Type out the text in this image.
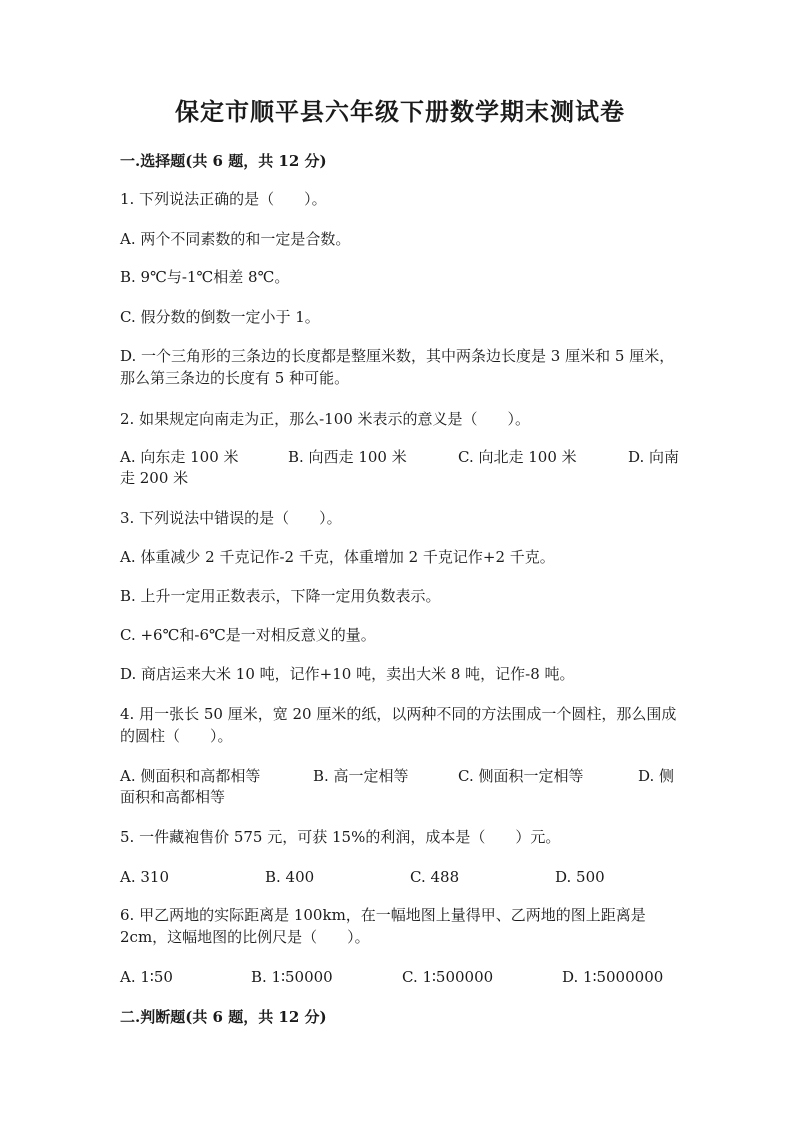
保定市顺平县六年级下册数学期末测试卷
一.选择题(共 6 题，共 12 分)
1. 下列说法正确的是（　　）。
A. 两个不同素数的和一定是合数。
B. 9℃与-1℃相差 8℃。
C. 假分数的倒数一定小于 1。
D. 一个三角形的三条边的长度都是整厘米数，其中两条边长度是 3 厘米和 5 厘米，那么第三条边的长度有 5 种可能。
2. 如果规定向南走为正，那么-100 米表示的意义是（　　）。
A. 向东走 100 米	B. 向西走 100 米	C. 向北走 100 米	D. 向南
走 200 米
3. 下列说法中错误的是（　　）。
A. 体重减少 2 千克记作-2 千克，体重增加 2 千克记作+2 千克。
B. 上升一定用正数表示，下降一定用负数表示。
C. +6℃和-6℃是一对相反意义的量。
D. 商店运来大米 10 吨，记作+10 吨，卖出大米 8 吨，记作-8 吨。
4. 用一张长 50 厘米，宽 20 厘米的纸，以两种不同的方法围成一个圆柱，那么围成的圆柱（　　）。
A. 侧面积和高都相等	B. 高一定相等	C. 侧面积一定相等	D. 侧
面积和高都相等
5. 一件藏袍售价 575 元，可获 15%的利润，成本是（　　）元。
A. 310	B. 400	C. 488	D. 500
6. 甲乙两地的实际距离是 100km，在一幅地图上量得甲、乙两地的图上距离是 2cm，这幅地图的比例尺是（　　）。
A. 1∶50	B. 1∶50000	C. 1∶500000	D. 1∶5000000
二.判断题(共 6 题，共 12 分)
